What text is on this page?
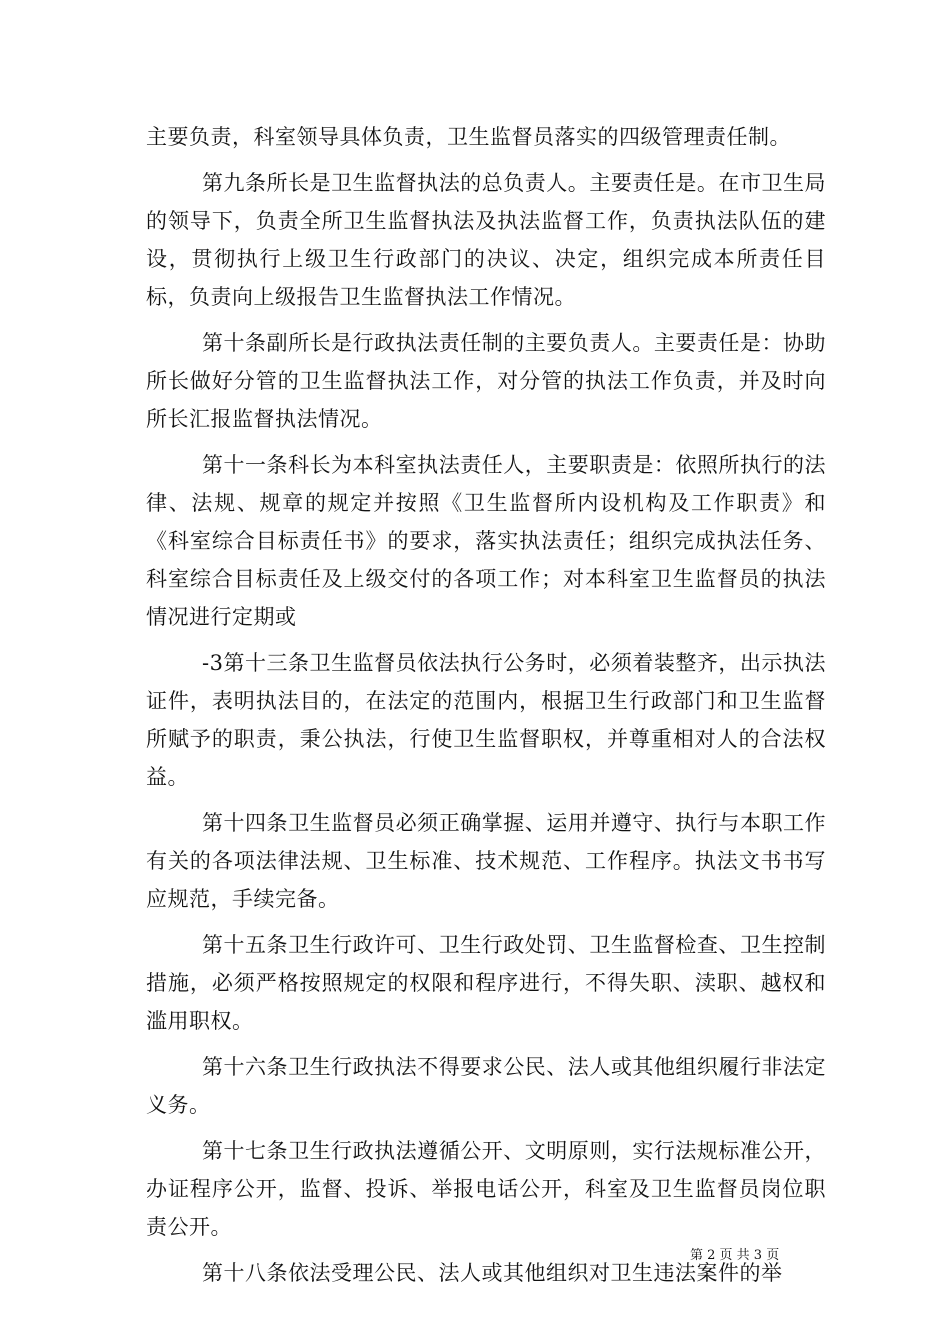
主要负责，科室领导具体负责，卫生监督员落实的四级管理责任制。

第九条所长是卫生监督执法的总负责人。主要责任是。在市卫生局的领导下，负责全所卫生监督执法及执法监督工作，负责执法队伍的建设，贯彻执行上级卫生行政部门的决议、决定，组织完成本所责任目标，负责向上级报告卫生监督执法工作情况。

第十条副所长是行政执法责任制的主要负责人。主要责任是：协助所长做好分管的卫生监督执法工作，对分管的执法工作负责，并及时向所长汇报监督执法情况。

第十一条科长为本科室执法责任人，主要职责是：依照所执行的法律、法规、规章的规定并按照《卫生监督所内设机构及工作职责》和《科室综合目标责任书》的要求，落实执法责任；组织完成执法任务、科室综合目标责任及上级交付的各项工作；对本科室卫生监督员的执法情况进行定期或

-3第十三条卫生监督员依法执行公务时，必须着装整齐，出示执法证件，表明执法目的，在法定的范围内，根据卫生行政部门和卫生监督所赋予的职责，秉公执法，行使卫生监督职权，并尊重相对人的合法权益。

第十四条卫生监督员必须正确掌握、运用并遵守、执行与本职工作有关的各项法律法规、卫生标准、技术规范、工作程序。执法文书书写应规范，手续完备。

第十五条卫生行政许可、卫生行政处罚、卫生监督检查、卫生控制措施，必须严格按照规定的权限和程序进行，不得失职、渎职、越权和滥用职权。

第十六条卫生行政执法不得要求公民、法人或其他组织履行非法定义务。

第十七条卫生行政执法遵循公开、文明原则，实行法规标准公开，办证程序公开，监督、投诉、举报电话公开，科室及卫生监督员岗位职责公开。

第十八条依法受理公民、法人或其他组织对卫生违法案件的举

第 2 页 共 3 页
